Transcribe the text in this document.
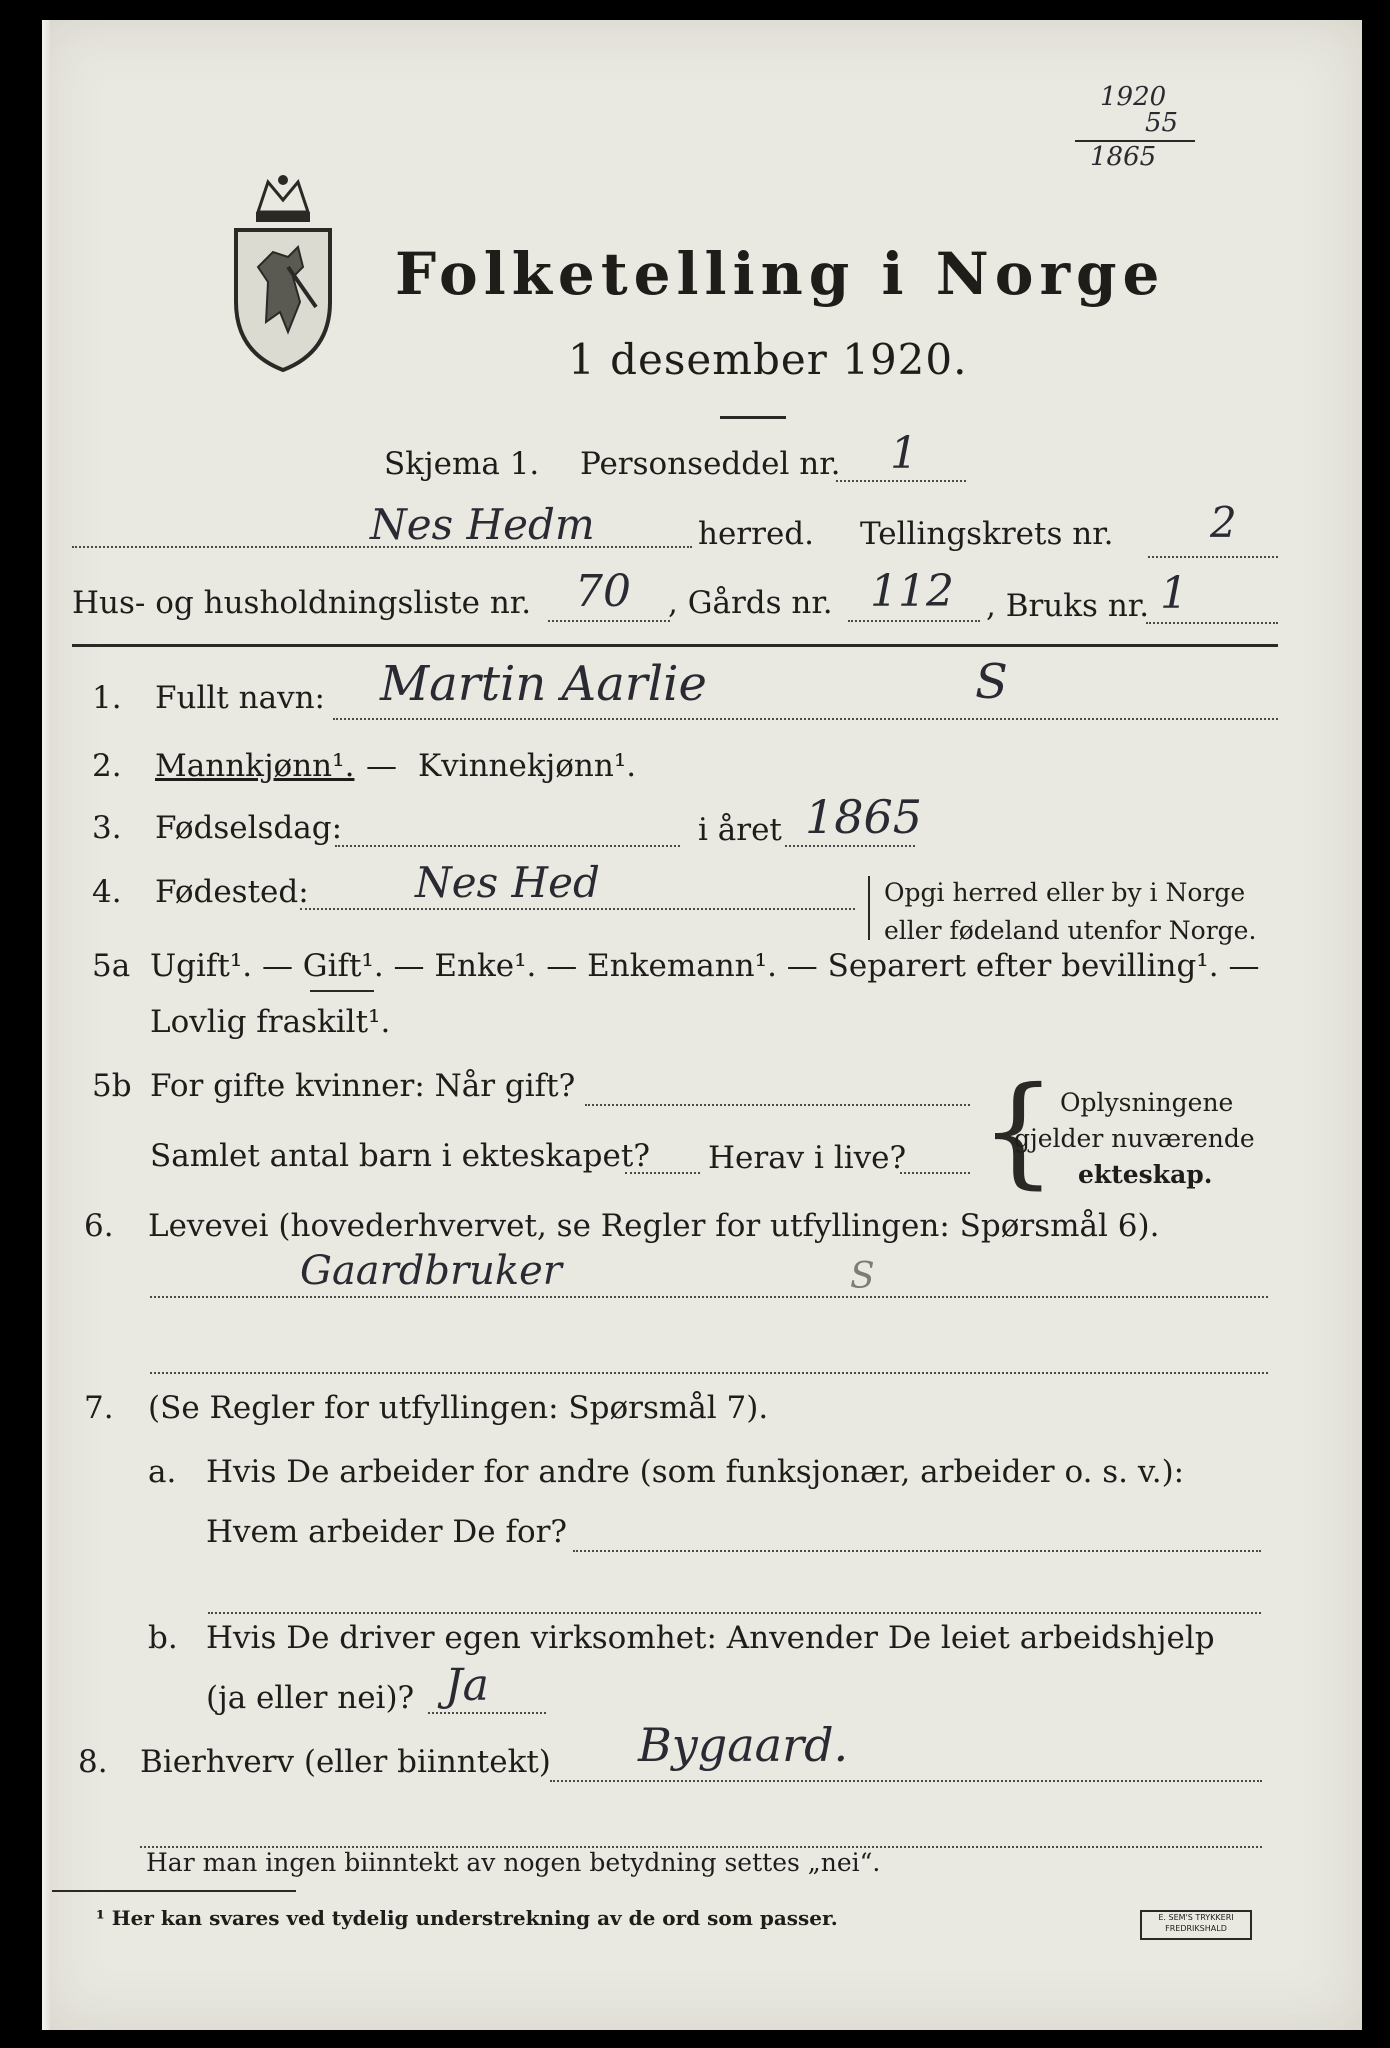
1920
55
1865
Folketelling i Norge
1 desember 1920.
Skjema 1. Personseddel nr. 1
Nes Hedm	herred. Tellingskrets nr. 2
Hus- og husholdningsliste nr. 70 , Gårds nr. 112 , Bruks nr. 1
1. Fullt navn: Martin Aarlie	S
2. Mannkjønn¹. — Kvinnekjønn¹.
3. Fødselsdag:	i året 1865
4. Fødested:	Nes Hed	Opgi herred eller by i Norge
eller fødeland utenfor Norge.
5a Ugift¹. — Gift¹. — Enke¹. — Enkemann¹. — Separert efter bevilling¹. —
Lovlig fraskilt¹.
5b For gifte kvinner: Når gift?
Samlet antal barn i ekteskapet? Herav i live? { Oplysningene
gjelder nuværende
ekteskap.
6. Levevei (hovederhvervet, se Regler for utfyllingen: Spørsmål 6).
Gaardbruker	S
7. (Se Regler for utfyllingen: Spørsmål 7).
a. Hvis De arbeider for andre (som funksjonær, arbeider o. s. v.):
Hvem arbeider De for?
b. Hvis De driver egen virksomhet: Anvender De leiet arbeidshjelp
(ja eller nei)? Ja
8. Bierhverv (eller biinntekt) Bygaard.
Har man ingen biinntekt av nogen betydning settes „nei“.
¹ Her kan svares ved tydelig understrekning av de ord som passer.	E. SEM'S TRYKKERI FREDRIKSHALD
